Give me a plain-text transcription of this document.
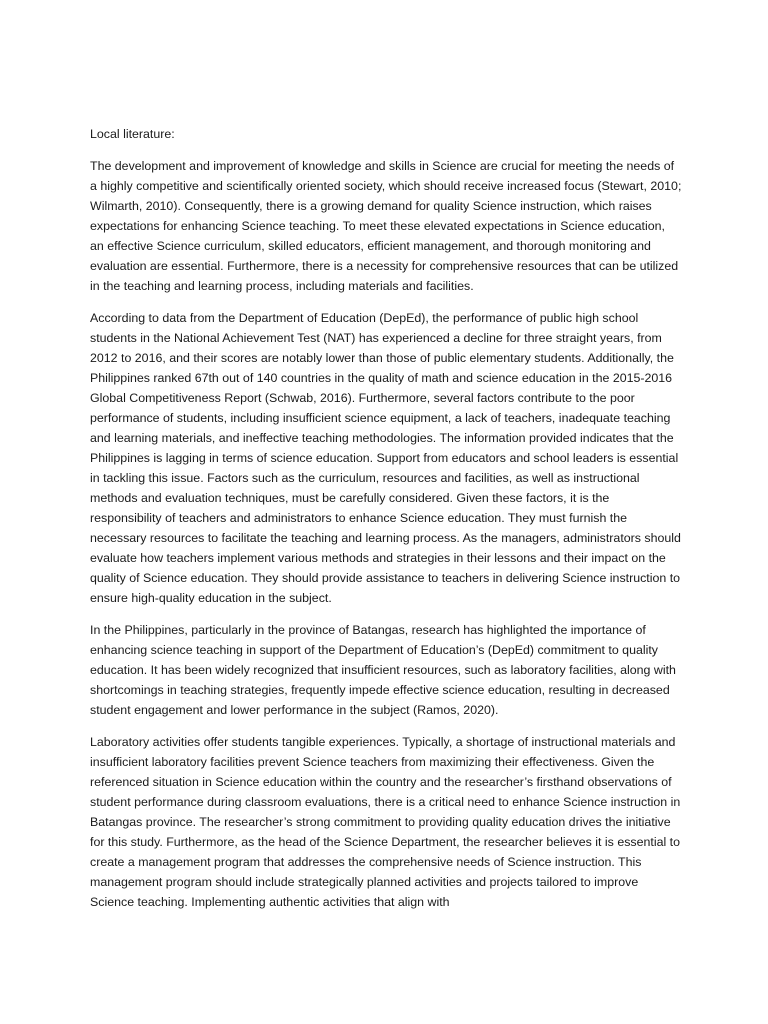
Local literature:

The development and improvement of knowledge and skills in Science are crucial for meeting the needs of a highly competitive and scientifically oriented society, which should receive increased focus (Stewart, 2010; Wilmarth, 2010). Consequently, there is a growing demand for quality Science instruction, which raises expectations for enhancing Science teaching. To meet these elevated expectations in Science education, an effective Science curriculum, skilled educators, efficient management, and thorough monitoring and evaluation are essential. Furthermore, there is a necessity for comprehensive resources that can be utilized in the teaching and learning process, including materials and facilities.

According to data from the Department of Education (DepEd), the performance of public high school students in the National Achievement Test (NAT) has experienced a decline for three straight years, from 2012 to 2016, and their scores are notably lower than those of public elementary students. Additionally, the Philippines ranked 67th out of 140 countries in the quality of math and science education in the 2015-2016 Global Competitiveness Report (Schwab, 2016). Furthermore, several factors contribute to the poor performance of students, including insufficient science equipment, a lack of teachers, inadequate teaching and learning materials, and ineffective teaching methodologies. The information provided indicates that the Philippines is lagging in terms of science education. Support from educators and school leaders is essential in tackling this issue. Factors such as the curriculum, resources and facilities, as well as instructional methods and evaluation techniques, must be carefully considered. Given these factors, it is the responsibility of teachers and administrators to enhance Science education. They must furnish the necessary resources to facilitate the teaching and learning process. As the managers, administrators should evaluate how teachers implement various methods and strategies in their lessons and their impact on the quality of Science education. They should provide assistance to teachers in delivering Science instruction to ensure high-quality education in the subject.

In the Philippines, particularly in the province of Batangas, research has highlighted the importance of enhancing science teaching in support of the Department of Education’s (DepEd) commitment to quality education. It has been widely recognized that insufficient resources, such as laboratory facilities, along with shortcomings in teaching strategies, frequently impede effective science education, resulting in decreased student engagement and lower performance in the subject (Ramos, 2020).

Laboratory activities offer students tangible experiences. Typically, a shortage of instructional materials and insufficient laboratory facilities prevent Science teachers from maximizing their effectiveness. Given the referenced situation in Science education within the country and the researcher’s firsthand observations of student performance during classroom evaluations, there is a critical need to enhance Science instruction in Batangas province. The researcher’s strong commitment to providing quality education drives the initiative for this study. Furthermore, as the head of the Science Department, the researcher believes it is essential to create a management program that addresses the comprehensive needs of Science instruction. This management program should include strategically planned activities and projects tailored to improve Science teaching. Implementing authentic activities that align with
